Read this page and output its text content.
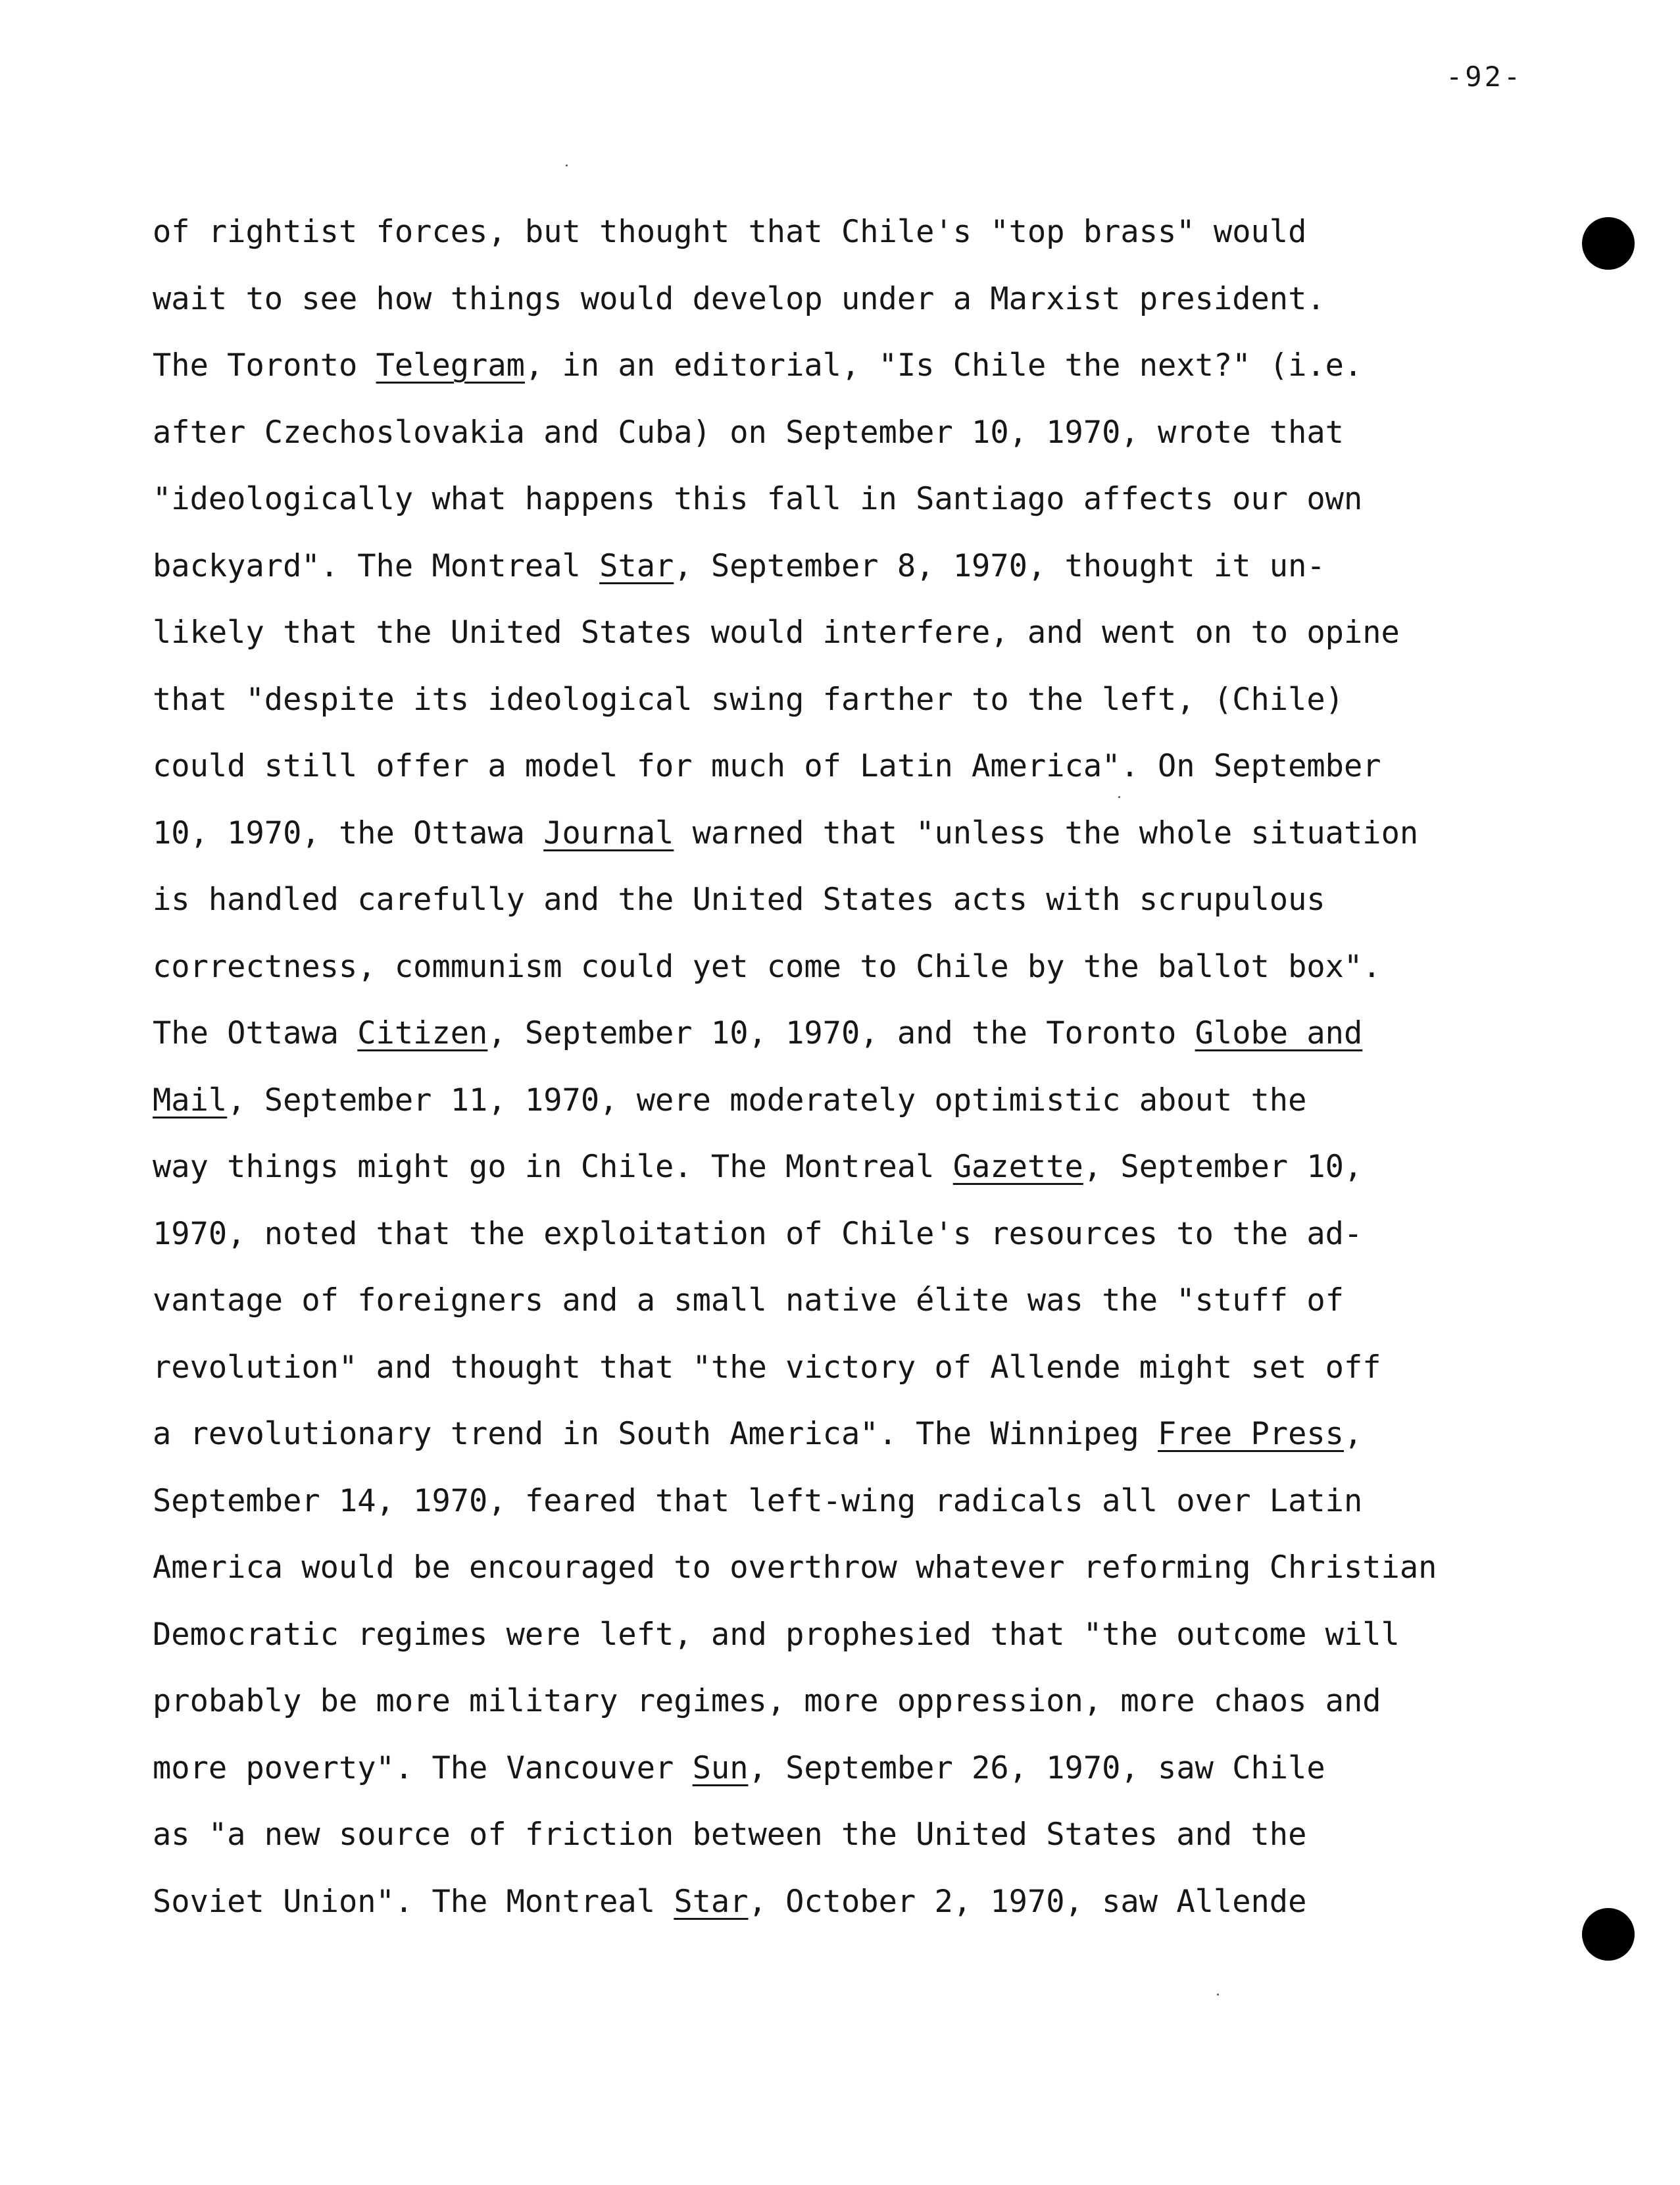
-92-
of rightist forces, but thought that Chile's "top brass" would
wait to see how things would develop under a Marxist president.
The Toronto Telegram, in an editorial, "Is Chile the next?" (i.e.
after Czechoslovakia and Cuba) on September 10, 1970, wrote that
"ideologically what happens this fall in Santiago affects our own
backyard". The Montreal Star, September 8, 1970, thought it un-
likely that the United States would interfere, and went on to opine
that "despite its ideological swing farther to the left, (Chile)
could still offer a model for much of Latin America". On September
10, 1970, the Ottawa Journal warned that "unless the whole situation
is handled carefully and the United States acts with scrupulous
correctness, communism could yet come to Chile by the ballot box".
The Ottawa Citizen, September 10, 1970, and the Toronto Globe and
Mail, September 11, 1970, were moderately optimistic about the
way things might go in Chile. The Montreal Gazette, September 10,
1970, noted that the exploitation of Chile's resources to the ad-
vantage of foreigners and a small native élite was the "stuff of
revolution" and thought that "the victory of Allende might set off
a revolutionary trend in South America". The Winnipeg Free Press,
September 14, 1970, feared that left-wing radicals all over Latin
America would be encouraged to overthrow whatever reforming Christian
Democratic regimes were left, and prophesied that "the outcome will
probably be more military regimes, more oppression, more chaos and
more poverty". The Vancouver Sun, September 26, 1970, saw Chile
as "a new source of friction between the United States and the
Soviet Union". The Montreal Star, October 2, 1970, saw Allende
